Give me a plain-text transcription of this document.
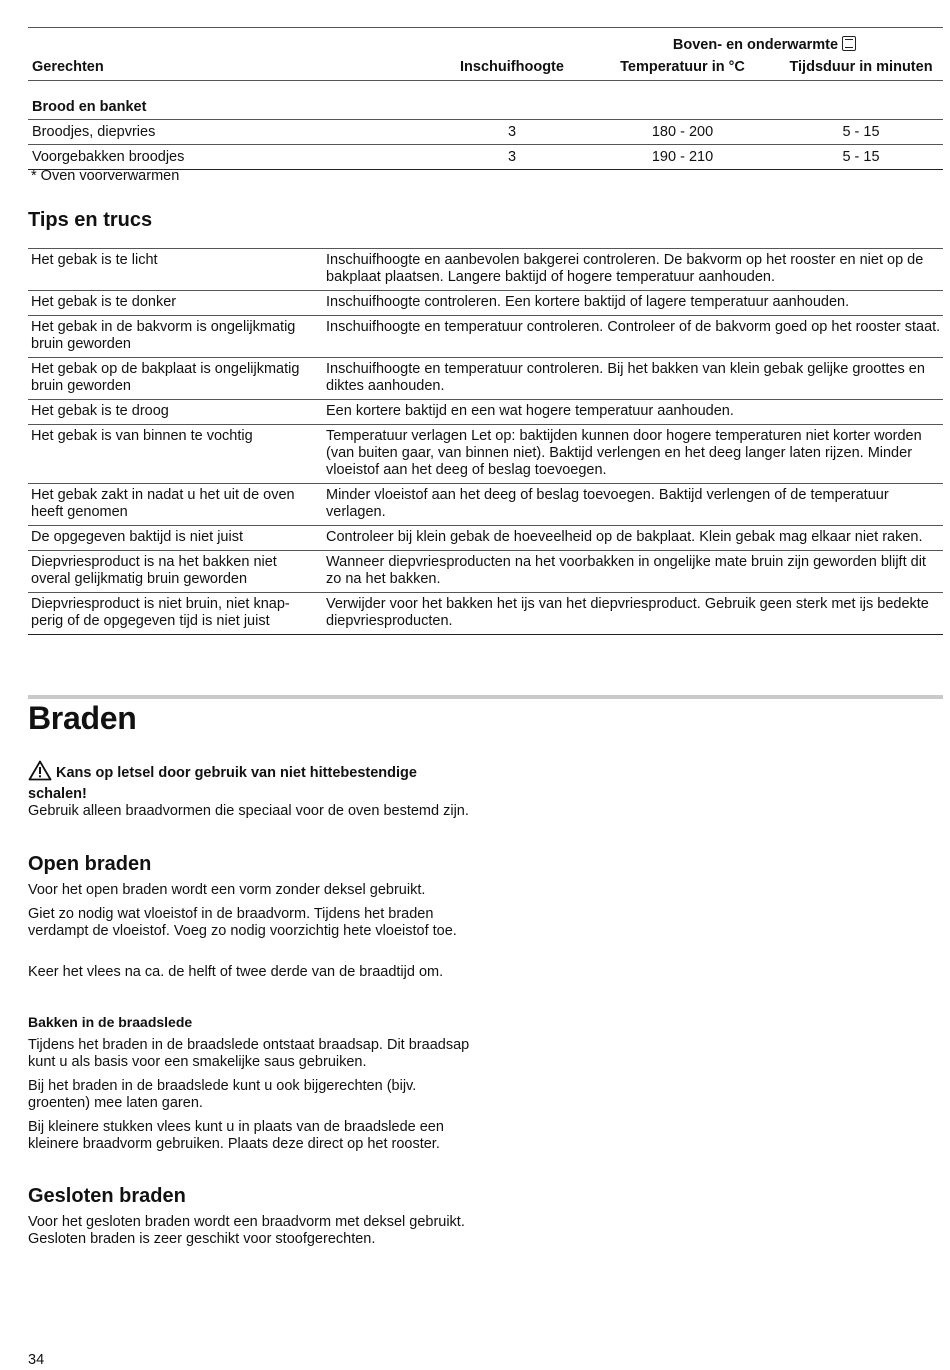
		Boven- en onderwarmte	
Gerechten	Inschuifhoogte	Temperatuur in °C	Tijdsduur in minuten

Brood en banket			
Broodjes, diepvries	3	180 - 200	5 - 15
Voorgebakken broodjes	3	190 - 210	5 - 15
* Oven voorverwarmen
Tips en trucs
Het gebak is te licht	Inschuifhoogte en aanbevolen bakgerei controleren. De bakvorm op het rooster en niet op de bakplaat plaatsen. Langere baktijd of hogere temperatuur aanhouden.
Het gebak is te donker	Inschuifhoogte controleren. Een kortere baktijd of lagere temperatuur aanhouden.
Het gebak in de bakvorm is ongelijkmatig bruin geworden	Inschuifhoogte en temperatuur controleren. Controleer of de bakvorm goed op het rooster staat.
Het gebak op de bakplaat is ongelijkmatig bruin geworden	Inschuifhoogte en temperatuur controleren. Bij het bakken van klein gebak gelijke groottes en diktes aanhouden.
Het gebak is te droog	Een kortere baktijd en een wat hogere temperatuur aanhouden.
Het gebak is van binnen te vochtig	Temperatuur verlagen Let op: baktijden kunnen door hogere temperaturen niet korter worden (van buiten gaar, van binnen niet). Baktijd verlengen en het deeg langer laten rijzen. Minder vloeistof aan het deeg of beslag toevoegen.
Het gebak zakt in nadat u het uit de oven heeft genomen	Minder vloeistof aan het deeg of beslag toevoegen. Baktijd verlengen of de temperatuur verlagen.
De opgegeven baktijd is niet juist	Controleer bij klein gebak de hoeveelheid op de bakplaat. Klein gebak mag elkaar niet raken.
Diepvriesproduct is na het bakken niet overal gelijkmatig bruin geworden	Wanneer diepvriesproducten na het voorbakken in ongelijke mate bruin zijn geworden blijft dit zo na het bakken.
Diepvriesproduct is niet bruin, niet knapperig of de opgegeven tijd is niet juist	Verwijder voor het bakken het ijs van het diepvriesproduct. Gebruik geen sterk met ijs bedekte diepvriesproducten.
Braden
Kans op letsel door gebruik van niet hittebestendige schalen!

Gebruik alleen braadvormen die speciaal voor de oven bestemd zijn.

Open braden

Voor het open braden wordt een vorm zonder deksel gebruikt.

Giet zo nodig wat vloeistof in de braadvorm. Tijdens het braden verdampt de vloeistof. Voeg zo nodig voorzichtig hete vloeistof toe.

Keer het vlees na ca. de helft of twee derde van de braadtijd om.

Bakken in de braadslede

Tijdens het braden in de braadslede ontstaat braadsap. Dit braadsap kunt u als basis voor een smakelijke saus gebruiken.

Bij het braden in de braadslede kunt u ook bijgerechten (bijv. groenten) mee laten garen.

Bij kleinere stukken vlees kunt u in plaats van de braadslede een kleinere braadvorm gebruiken. Plaats deze direct op het rooster.

Gesloten braden

Voor het gesloten braden wordt een braadvorm met deksel gebruikt. Gesloten braden is zeer geschikt voor stoofgerechten.

34
